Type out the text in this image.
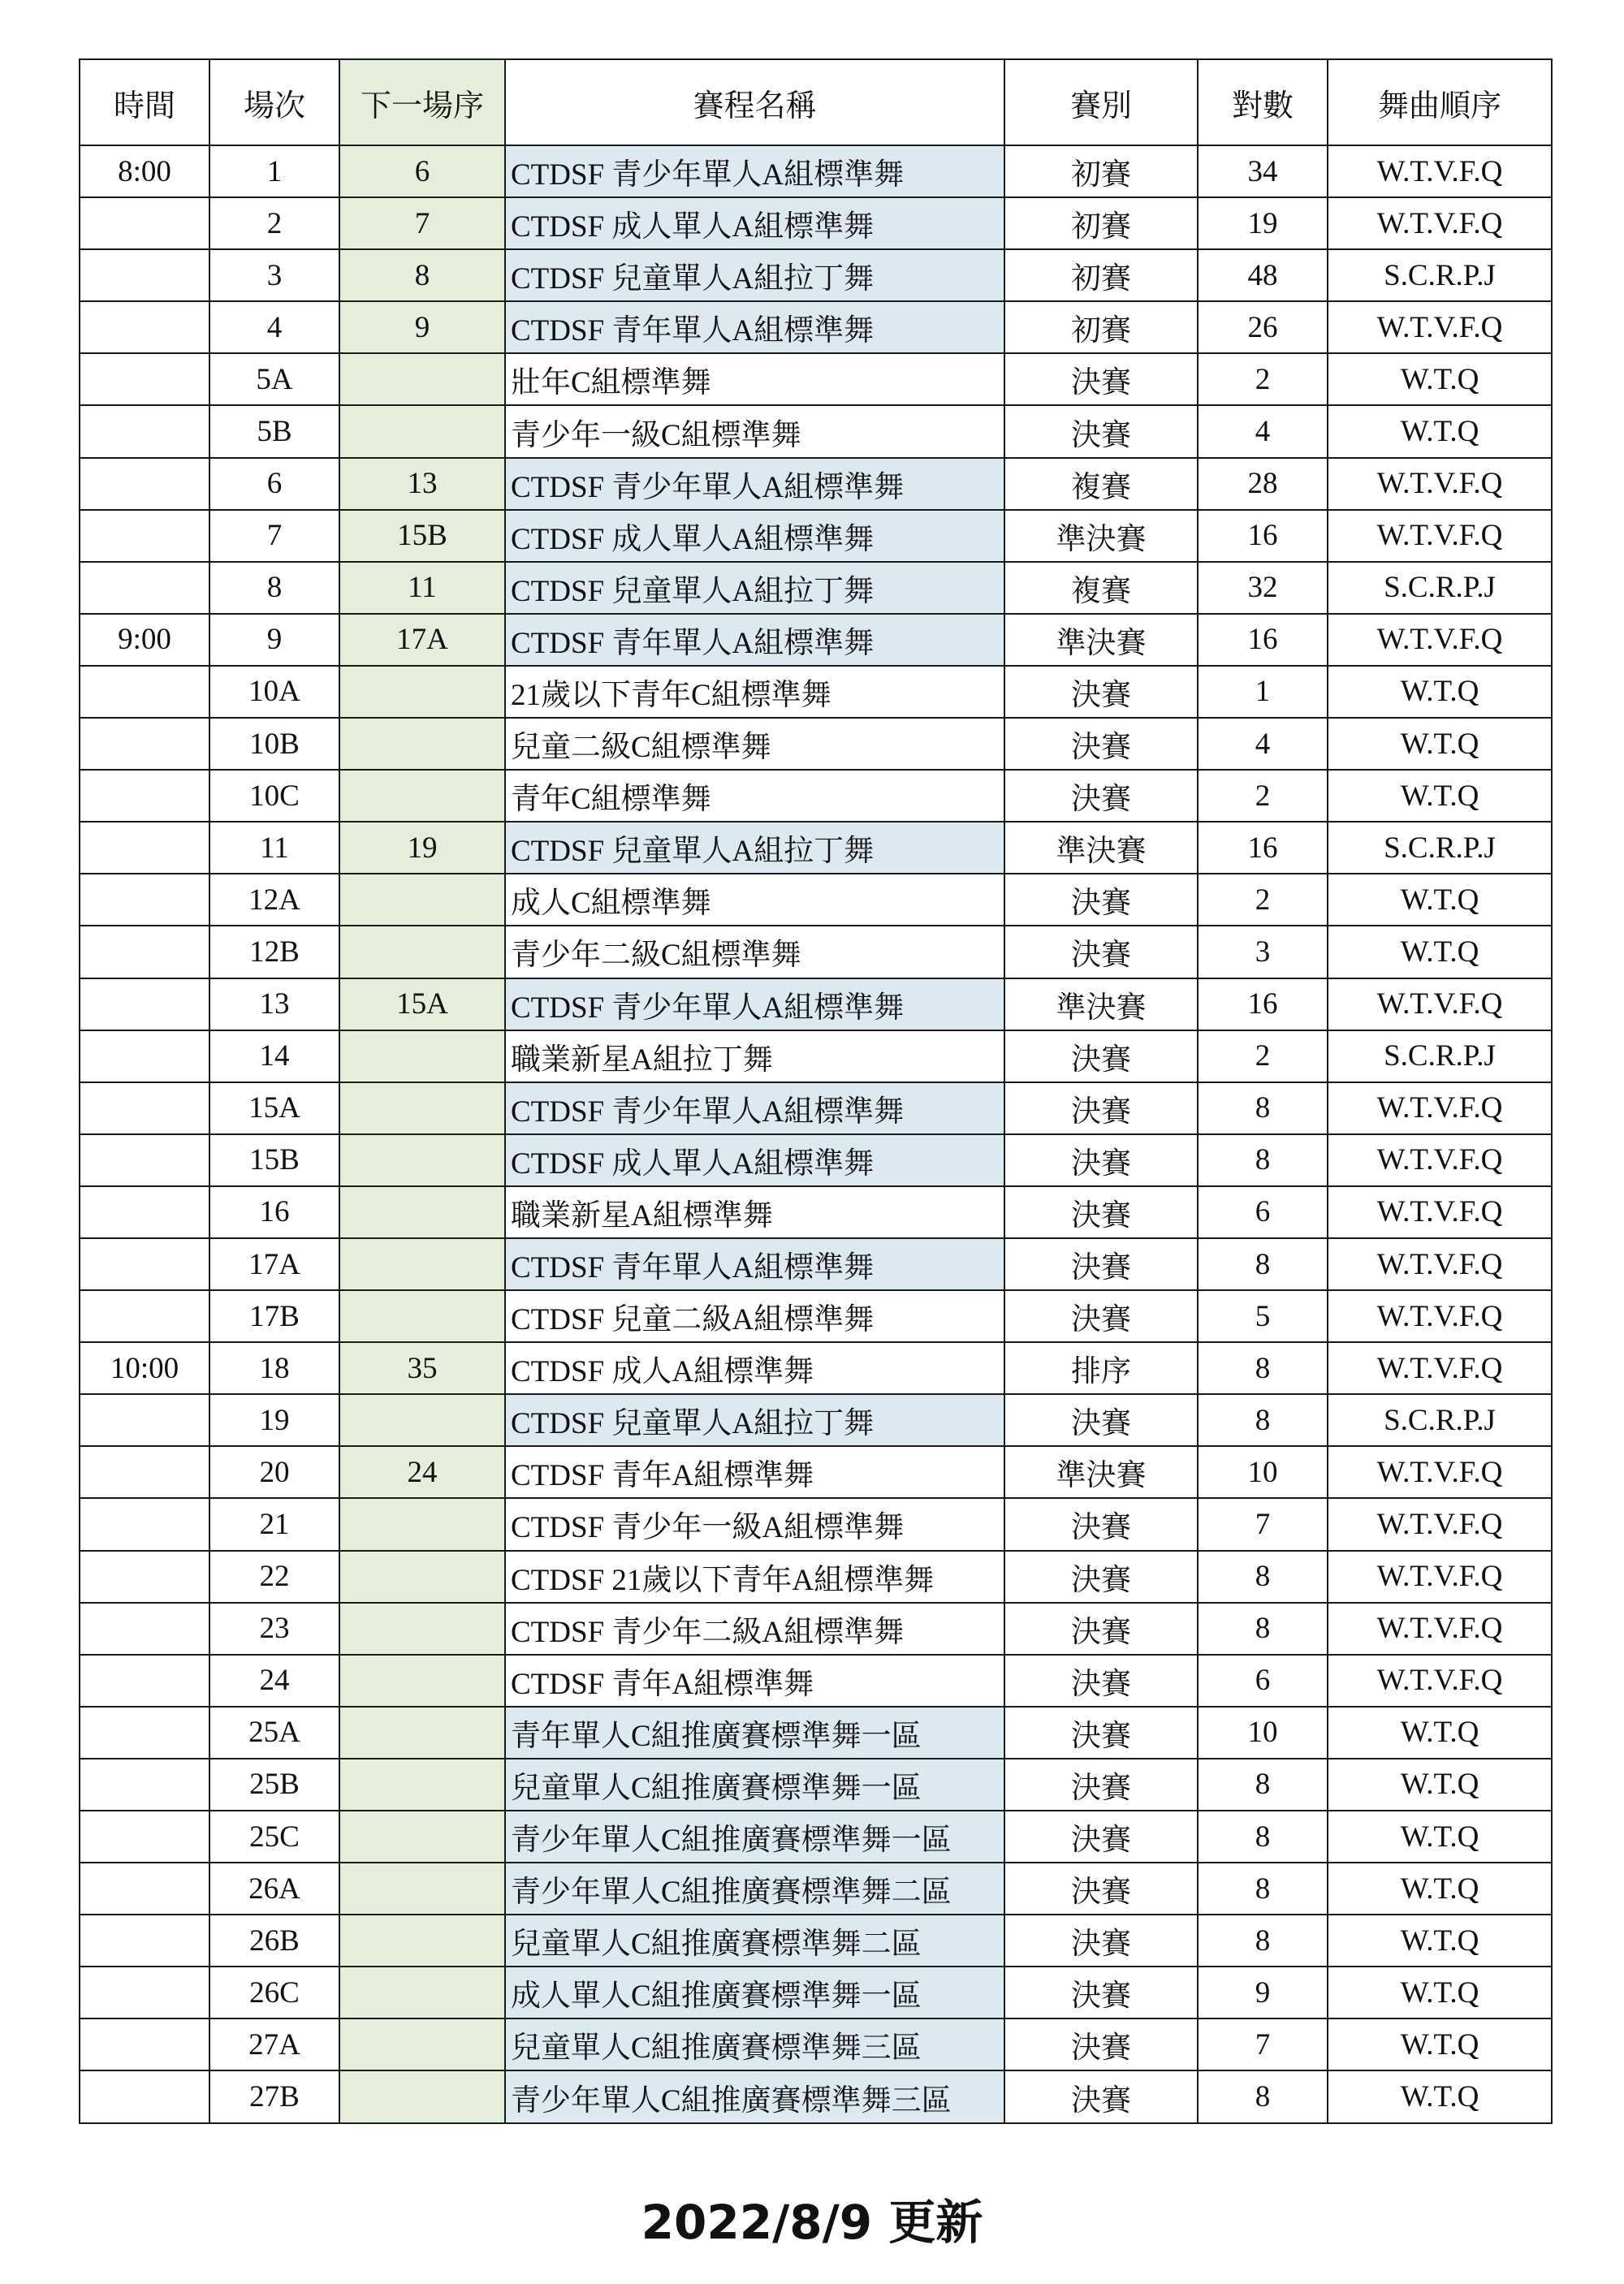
時間	場次	下一場序	賽程名稱	賽別	對數	舞曲順序
8:00	1	6	CTDSF 青少年單人A組標準舞	初賽	34	W.T.V.F.Q
	2	7	CTDSF 成人單人A組標準舞	初賽	19	W.T.V.F.Q
	3	8	CTDSF 兒童單人A組拉丁舞	初賽	48	S.C.R.P.J
	4	9	CTDSF 青年單人A組標準舞	初賽	26	W.T.V.F.Q
	5A		壯年C組標準舞	決賽	2	W.T.Q
	5B		青少年一級C組標準舞	決賽	4	W.T.Q
	6	13	CTDSF 青少年單人A組標準舞	複賽	28	W.T.V.F.Q
	7	15B	CTDSF 成人單人A組標準舞	準決賽	16	W.T.V.F.Q
	8	11	CTDSF 兒童單人A組拉丁舞	複賽	32	S.C.R.P.J
9:00	9	17A	CTDSF 青年單人A組標準舞	準決賽	16	W.T.V.F.Q
	10A		21歲以下青年C組標準舞	決賽	1	W.T.Q
	10B		兒童二級C組標準舞	決賽	4	W.T.Q
	10C		青年C組標準舞	決賽	2	W.T.Q
	11	19	CTDSF 兒童單人A組拉丁舞	準決賽	16	S.C.R.P.J
	12A		成人C組標準舞	決賽	2	W.T.Q
	12B		青少年二級C組標準舞	決賽	3	W.T.Q
	13	15A	CTDSF 青少年單人A組標準舞	準決賽	16	W.T.V.F.Q
	14		職業新星A組拉丁舞	決賽	2	S.C.R.P.J
	15A		CTDSF 青少年單人A組標準舞	決賽	8	W.T.V.F.Q
	15B		CTDSF 成人單人A組標準舞	決賽	8	W.T.V.F.Q
	16		職業新星A組標準舞	決賽	6	W.T.V.F.Q
	17A		CTDSF 青年單人A組標準舞	決賽	8	W.T.V.F.Q
	17B		CTDSF 兒童二級A組標準舞	決賽	5	W.T.V.F.Q
10:00	18	35	CTDSF 成人A組標準舞	排序	8	W.T.V.F.Q
	19		CTDSF 兒童單人A組拉丁舞	決賽	8	S.C.R.P.J
	20	24	CTDSF 青年A組標準舞	準決賽	10	W.T.V.F.Q
	21		CTDSF 青少年一級A組標準舞	決賽	7	W.T.V.F.Q
	22		CTDSF 21歲以下青年A組標準舞	決賽	8	W.T.V.F.Q
	23		CTDSF 青少年二級A組標準舞	決賽	8	W.T.V.F.Q
	24		CTDSF 青年A組標準舞	決賽	6	W.T.V.F.Q
	25A		青年單人C組推廣賽標準舞一區	決賽	10	W.T.Q
	25B		兒童單人C組推廣賽標準舞一區	決賽	8	W.T.Q
	25C		青少年單人C組推廣賽標準舞一區	決賽	8	W.T.Q
	26A		青少年單人C組推廣賽標準舞二區	決賽	8	W.T.Q
	26B		兒童單人C組推廣賽標準舞二區	決賽	8	W.T.Q
	26C		成人單人C組推廣賽標準舞一區	決賽	9	W.T.Q
	27A		兒童單人C組推廣賽標準舞三區	決賽	7	W.T.Q
	27B		青少年單人C組推廣賽標準舞三區	決賽	8	W.T.Q
2022/8/9 更新
